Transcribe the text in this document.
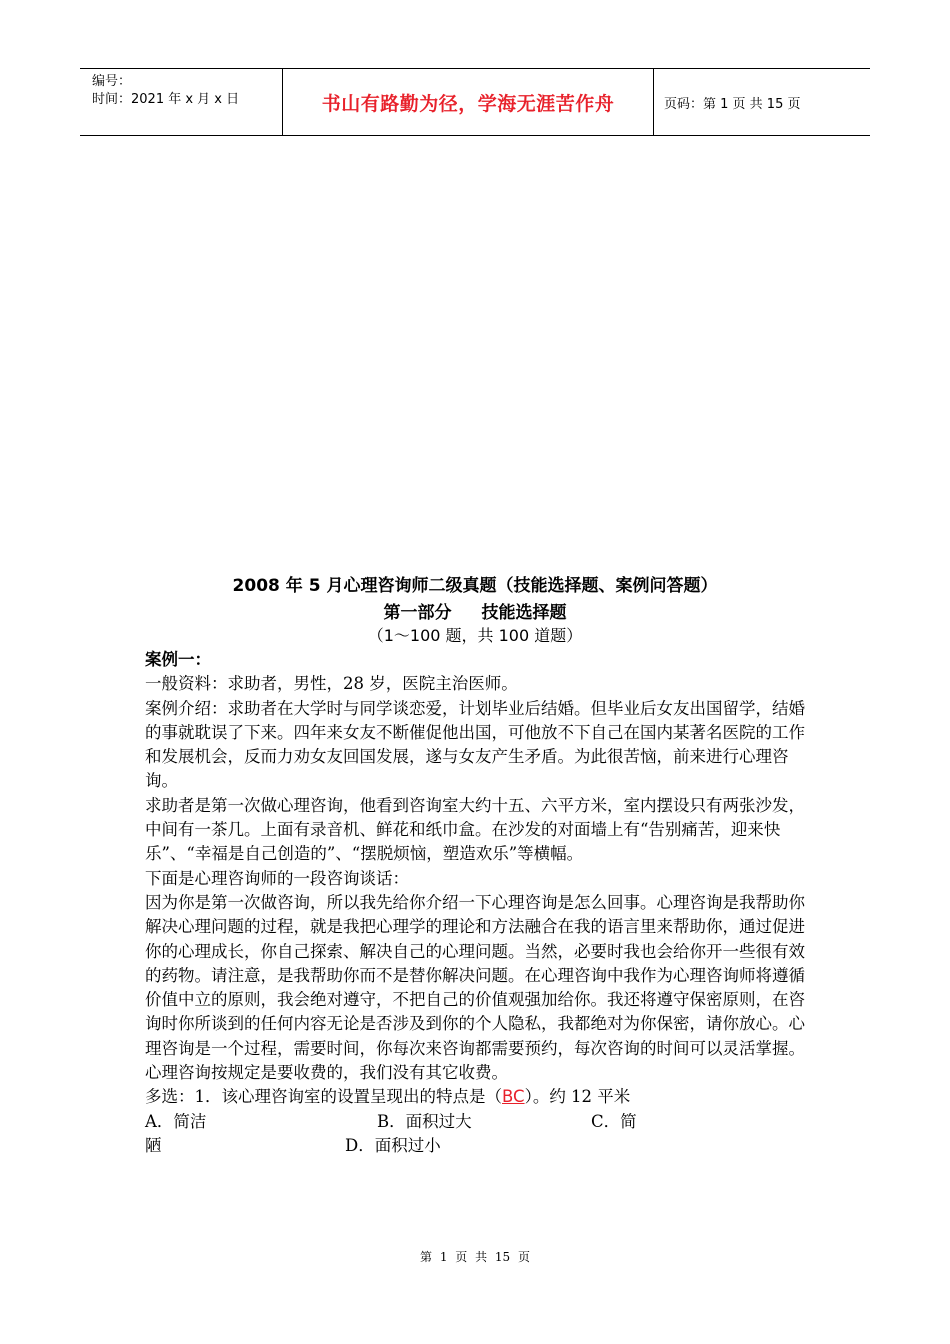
编号：
时间：2021 年 x 月 x 日	书山有路勤为径，学海无涯苦作舟	页码：第 1 页 共 15 页
2008 年 5 月心理咨询师二级真题（技能选择题、案例问答题）
第一部分 技能选择题
（1～100 题，共 100 道题）

案例一：

一般资料：求助者，男性，28 岁，医院主治医师。

案例介绍：求助者在大学时与同学谈恋爱，计划毕业后结婚。但毕业后女友出国留学，结婚的事就耽误了下来。四年来女友不断催促他出国，可他放不下自己在国内某著名医院的工作和发展机会，反而力劝女友回国发展，遂与女友产生矛盾。为此很苦恼，前来进行心理咨询。

求助者是第一次做心理咨询，他看到咨询室大约十五、六平方米，室内摆设只有两张沙发，中间有一茶几。上面有录音机、鲜花和纸巾盒。在沙发的对面墙上有“告别痛苦，迎来快乐”、“幸福是自己创造的”、“摆脱烦恼，塑造欢乐”等横幅。

下面是心理咨询师的一段咨询谈话：

因为你是第一次做咨询，所以我先给你介绍一下心理咨询是怎么回事。心理咨询是我帮助你解决心理问题的过程，就是我把心理学的理论和方法融合在我的语言里来帮助你，通过促进你的心理成长，你自己探索、解决自己的心理问题。当然，必要时我也会给你开一些很有效的药物。请注意，是我帮助你而不是替你解决问题。在心理咨询中我作为心理咨询师将遵循价值中立的原则，我会绝对遵守，不把自己的价值观强加给你。我还将遵守保密原则，在咨询时你所谈到的任何内容无论是否涉及到你的个人隐私，我都绝对为你保密，请你放心。心理咨询是一个过程，需要时间，你每次来咨询都需要预约，每次咨询的时间可以灵活掌握。心理咨询按规定是要收费的，我们没有其它收费。

多选：1．该心理咨询室的设置呈现出的特点是（BC）。约 12 平米

A．简洁	B．面积过大	C．简
陋	D．面积过小
第 1 页 共 15 页
